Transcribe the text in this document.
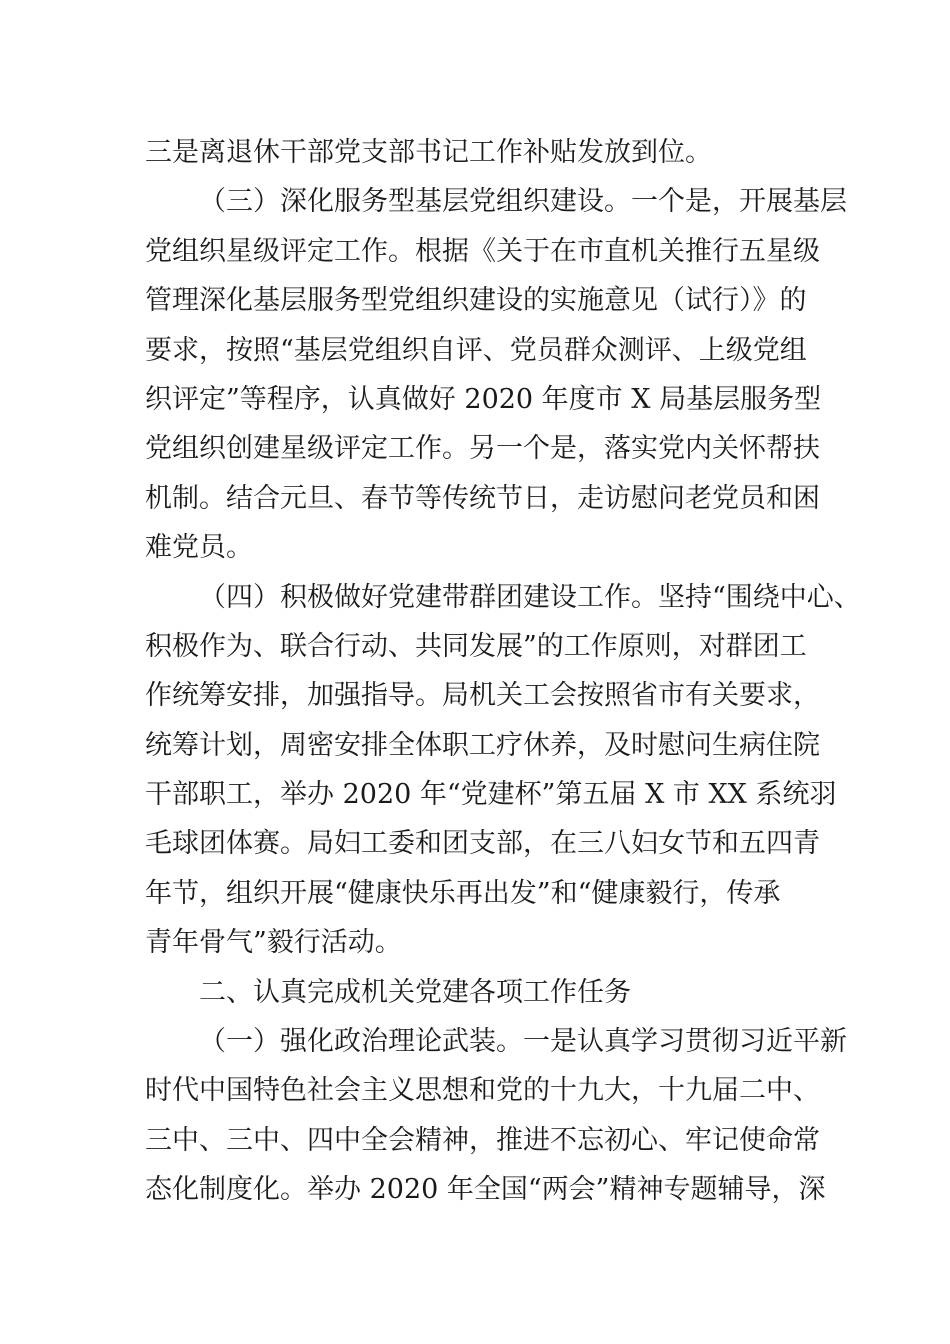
三是离退休干部党支部书记工作补贴发放到位。
（三）深化服务型基层党组织建设。一个是，开展基层
党组织星级评定工作。根据《关于在市直机关推行五星级
管理深化基层服务型党组织建设的实施意见（试行）》的
要求，按照“基层党组织自评、党员群众测评、上级党组
织评定”等程序，认真做好 2020 年度市 X 局基层服务型
党组织创建星级评定工作。另一个是，落实党内关怀帮扶
机制。结合元旦、春节等传统节日，走访慰问老党员和困
难党员。
（四）积极做好党建带群团建设工作。坚持“围绕中心、
积极作为、联合行动、共同发展”的工作原则，对群团工
作统筹安排，加强指导。局机关工会按照省市有关要求，
统筹计划，周密安排全体职工疗休养，及时慰问生病住院
干部职工，举办 2020 年“党建杯”第五届 X 市 XX 系统羽
毛球团体赛。局妇工委和团支部，在三八妇女节和五四青
年节，组织开展“健康快乐再出发”和“健康毅行，传承
青年骨气”毅行活动。
二、认真完成机关党建各项工作任务
（一）强化政治理论武装。一是认真学习贯彻习近平新
时代中国特色社会主义思想和党的十九大，十九届二中、
三中、三中、四中全会精神，推进不忘初心、牢记使命常
态化制度化。举办 2020 年全国“两会”精神专题辅导，深
